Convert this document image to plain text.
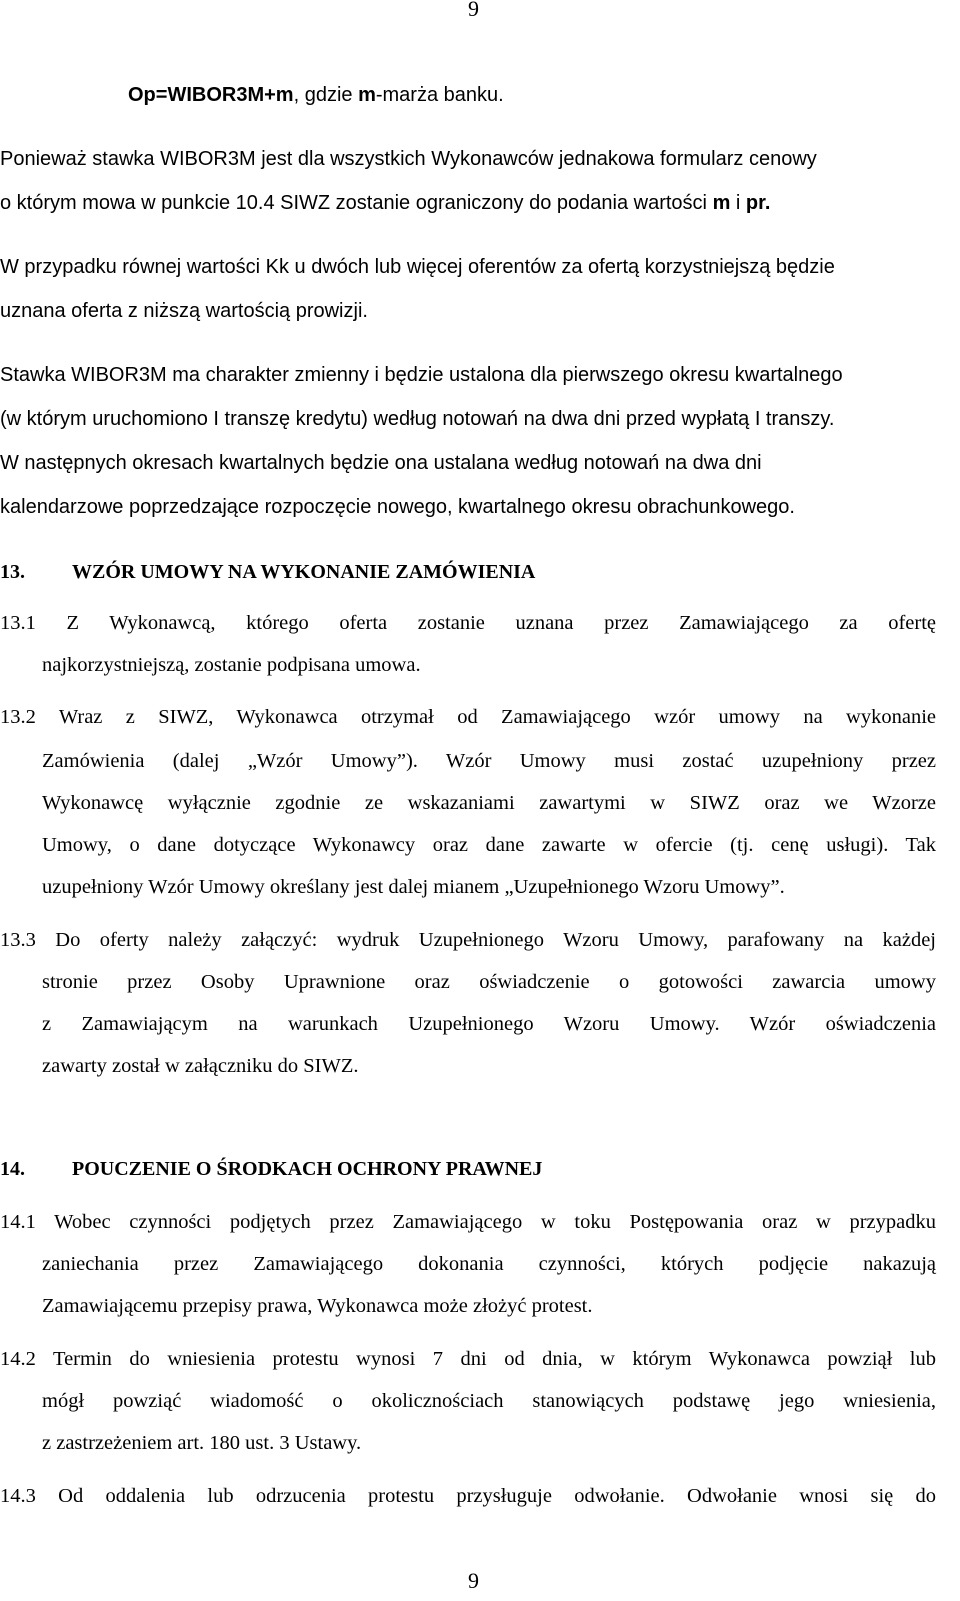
9
Op=WIBOR3M+m, gdzie m-marża banku.
Ponieważ stawka WIBOR3M jest dla wszystkich Wykonawców jednakowa formularz cenowy
o którym mowa w punkcie 10.4 SIWZ zostanie ograniczony do podania wartości m i pr.
W przypadku równej wartości Kk u dwóch lub więcej oferentów za ofertą korzystniejszą będzie
uznana oferta z niższą wartością prowizji.
Stawka WIBOR3M ma charakter zmienny i będzie ustalona dla pierwszego okresu kwartalnego
(w którym uruchomiono I transzę kredytu) według notowań na dwa dni przed wypłatą I transzy.
W następnych okresach kwartalnych będzie ona ustalana według notowań na dwa dni
kalendarzowe poprzedzające rozpoczęcie nowego, kwartalnego okresu obrachunkowego.
13. WZÓR UMOWY NA WYKONANIE ZAMÓWIENIA
13.1 Z Wykonawcą, którego oferta zostanie uznana przez Zamawiającego za ofertę
najkorzystniejszą, zostanie podpisana umowa.
13.2 Wraz z SIWZ, Wykonawca otrzymał od Zamawiającego wzór umowy na wykonanie
Zamówienia (dalej „Wzór Umowy”). Wzór Umowy musi zostać uzupełniony przez
Wykonawcę wyłącznie zgodnie ze wskazaniami zawartymi w SIWZ oraz we Wzorze
Umowy, o dane dotyczące Wykonawcy oraz dane zawarte w ofercie (tj. cenę usługi). Tak
uzupełniony Wzór Umowy określany jest dalej mianem „Uzupełnionego Wzoru Umowy”.
13.3 Do oferty należy załączyć: wydruk Uzupełnionego Wzoru Umowy, parafowany na każdej
stronie przez Osoby Uprawnione oraz oświadczenie o gotowości zawarcia umowy
z Zamawiającym na warunkach Uzupełnionego Wzoru Umowy. Wzór oświadczenia
zawarty został w załączniku do SIWZ.
14. POUCZENIE O ŚRODKACH OCHRONY PRAWNEJ
14.1 Wobec czynności podjętych przez Zamawiającego w toku Postępowania oraz w przypadku
zaniechania przez Zamawiającego dokonania czynności, których podjęcie nakazują
Zamawiającemu przepisy prawa, Wykonawca może złożyć protest.
14.2 Termin do wniesienia protestu wynosi 7 dni od dnia, w którym Wykonawca powziął lub
mógł powziąć wiadomość o okolicznościach stanowiących podstawę jego wniesienia,
z zastrzeżeniem art. 180 ust. 3 Ustawy.
14.3 Od oddalenia lub odrzucenia protestu przysługuje odwołanie. Odwołanie wnosi się do
9
